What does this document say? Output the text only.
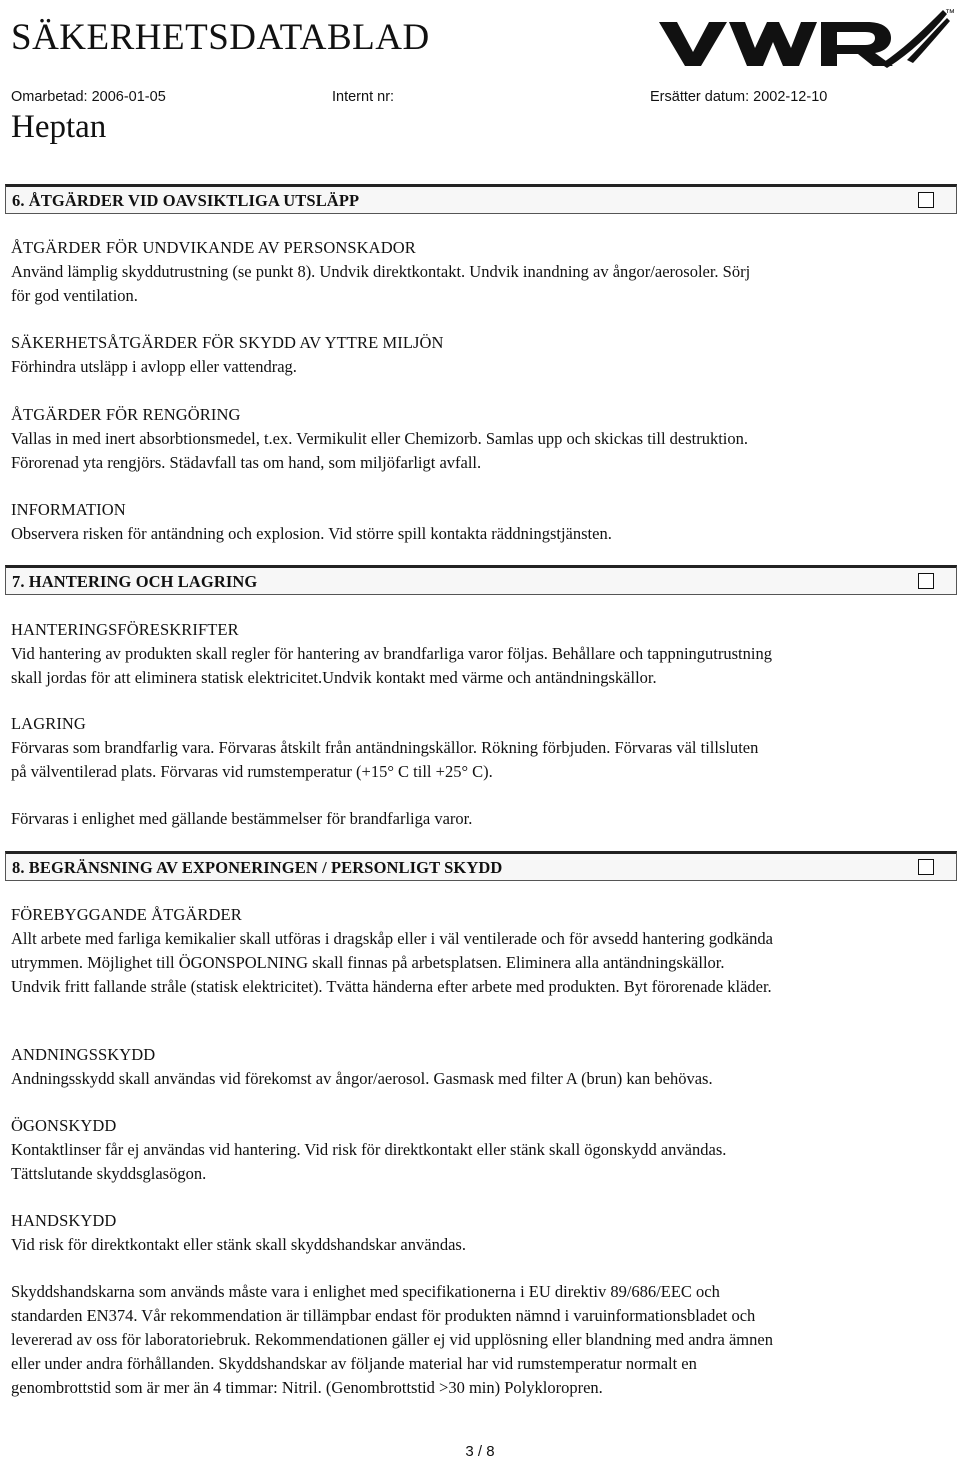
SÄKERHETSDATABLAD
™
Omarbetad: 2006-01-05	Internt nr:	Ersätter datum: 2002-12-10
Heptan
6. ÅTGÄRDER VID OAVSIKTLIGA UTSLÄPP

ÅTGÄRDER FÖR UNDVIKANDE AV PERSONSKADOR

Använd lämplig skyddutrustning (se punkt 8). Undvik direktkontakt. Undvik inandning av ångor/aerosoler. Sörj

för god ventilation.

SÄKERHETSÅTGÄRDER FÖR SKYDD AV YTTRE MILJÖN

Förhindra utsläpp i avlopp eller vattendrag.

ÅTGÄRDER FÖR RENGÖRING

Vallas in med inert absorbtionsmedel, t.ex. Vermikulit eller Chemizorb. Samlas upp och skickas till destruktion.

Förorenad yta rengjörs. Städavfall tas om hand, som miljöfarligt avfall.

INFORMATION

Observera risken för antändning och explosion. Vid större spill kontakta räddningstjänsten.

7. HANTERING OCH LAGRING

HANTERINGSFÖRESKRIFTER

Vid hantering av produkten skall regler för hantering av brandfarliga varor följas. Behållare och tappningutrustning

skall jordas för att eliminera statisk elektricitet.Undvik kontakt med värme och antändningskällor.

LAGRING

Förvaras som brandfarlig vara. Förvaras åtskilt från antändningskällor. Rökning förbjuden. Förvaras väl tillsluten

på välventilerad plats. Förvaras vid rumstemperatur (+15° C till +25° C).

Förvaras i enlighet med gällande bestämmelser för brandfarliga varor.

8. BEGRÄNSNING AV EXPONERINGEN / PERSONLIGT SKYDD

FÖREBYGGANDE ÅTGÄRDER

Allt arbete med farliga kemikalier skall utföras i dragskåp eller i väl ventilerade och för avsedd hantering godkända

utrymmen. Möjlighet till ÖGONSPOLNING skall finnas på arbetsplatsen. Eliminera alla antändningskällor.

Undvik fritt fallande stråle (statisk elektricitet). Tvätta händerna efter arbete med produkten. Byt förorenade kläder.

ANDNINGSSKYDD

Andningsskydd skall användas vid förekomst av ångor/aerosol. Gasmask med filter A (brun) kan behövas.

ÖGONSKYDD

Kontaktlinser får ej användas vid hantering. Vid risk för direktkontakt eller stänk skall ögonskydd användas.

Tättslutande skyddsglasögon.

HANDSKYDD

Vid risk för direktkontakt eller stänk skall skyddshandskar användas.

Skyddshandskarna som används måste vara i enlighet med specifikationerna i EU direktiv 89/686/EEC och

standarden EN374. Vår rekommendation är tillämpbar endast för produkten nämnd i varuinformationsbladet och

levererad av oss för laboratoriebruk. Rekommendationen gäller ej vid upplösning eller blandning med andra ämnen

eller under andra förhållanden. Skyddshandskar av följande material har vid rumstemperatur normalt en

genombrottstid som är mer än 4 timmar: Nitril. (Genombrottstid >30 min) Polykloropren.

3 / 8
